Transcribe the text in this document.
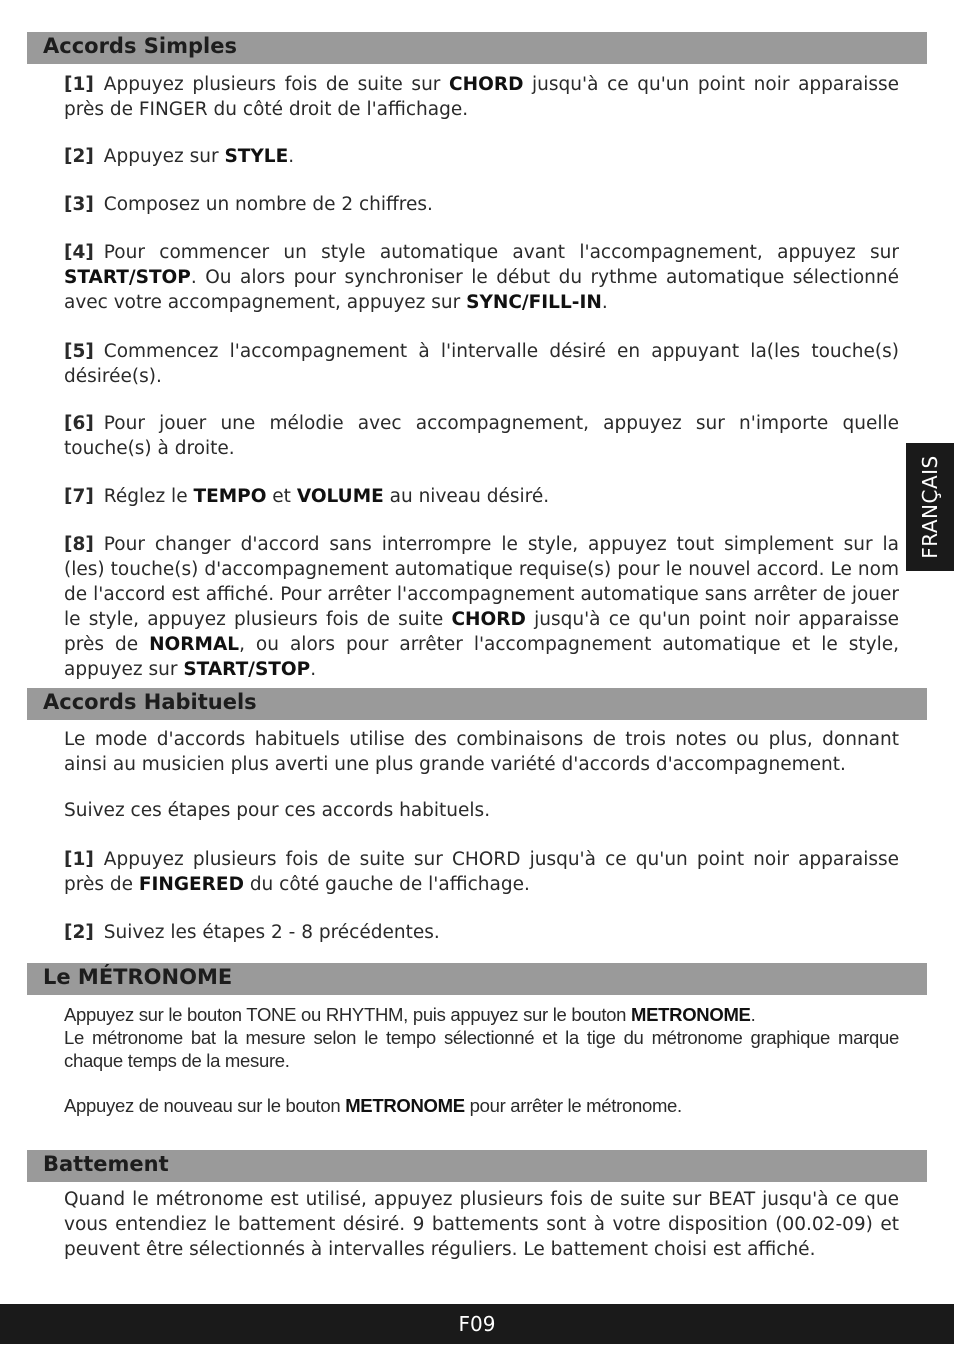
Accords Simples

[1] Appuyez plusieurs fois de suite sur CHORD jusqu'à ce qu'un point noir apparaisse près de FINGER du côté droit de l'affichage.

[2] Appuyez sur STYLE.

[3] Composez un nombre de 2 chiffres.

[4] Pour commencer un style automatique avant l'accompagnement, appuyez sur START/STOP. Ou alors pour synchroniser le début du rythme automatique sélectionné avec votre accompagnement, appuyez sur SYNC/FILL-IN.

[5] Commencez l'accompagnement à l'intervalle désiré en appuyant la(les touche(s) désirée(s).

[6] Pour jouer une mélodie avec accompagnement, appuyez sur n'importe quelle touche(s) à droite.

[7] Réglez le TEMPO et VOLUME au niveau désiré.

[8] Pour changer d'accord sans interrompre le style, appuyez tout simplement sur la (les) touche(s) d'accompagnement automatique requise(s) pour le nouvel accord. Le nom de l'accord est affiché. Pour arrêter l'accompagnement automatique sans arrêter de jouer le style, appuyez plusieurs fois de suite CHORD jusqu'à ce qu'un point noir apparaisse près de NORMAL, ou alors pour arrêter l'accompagnement automatique et le style, appuyez sur START/STOP.

FRANÇAIS
Accords Habituels

Le mode d'accords habituels utilise des combinaisons de trois notes ou plus, donnant ainsi au musicien plus averti une plus grande variété d'accords d'accompagnement.

Suivez ces étapes pour ces accords habituels.

[1] Appuyez plusieurs fois de suite sur CHORD jusqu'à ce qu'un point noir apparaisse près de FINGERED du côté gauche de l'affichage.

[2] Suivez les étapes 2 - 8 précédentes.

Le MÉTRONOME

Appuyez sur le bouton TONE ou RHYTHM, puis appuyez sur le bouton METRONOME.

Le métronome bat la mesure selon le tempo sélectionné et la tige du métronome graphique marque chaque temps de la mesure.

Appuyez de nouveau sur le bouton METRONOME pour arrêter le métronome.

Battement

Quand le métronome est utilisé, appuyez plusieurs fois de suite sur BEAT jusqu'à ce que vous entendiez le battement désiré. 9 battements sont à votre disposition (00.02-09) et peuvent être sélectionnés à intervalles réguliers. Le battement choisi est affiché.

F09
